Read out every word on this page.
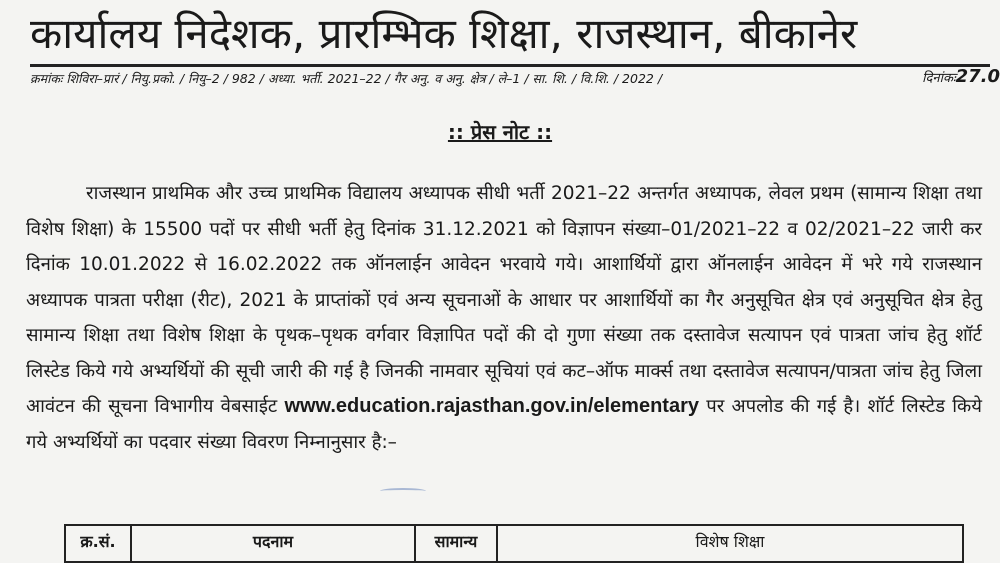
कार्यालय निदेशक, प्रारम्भिक शिक्षा, राजस्थान, बीकानेर
क्रमांकः शिविरा–प्रारं / नियु.प्रको. / नियु–2 / 982 / अध्या. भर्ती. 2021–22 / गैर अनु. व अनु. क्षेत्र / ले–1 / सा. शि. / वि.शि. / 2022 /	दिनांकः27.0
:: प्रेस नोट ::

राजस्थान प्राथमिक और उच्च प्राथमिक विद्यालय अध्यापक सीधी भर्ती 2021–22 अन्तर्गत अध्यापक, लेवल प्रथम (सामान्य शिक्षा तथा विशेष शिक्षा) के 15500 पदों पर सीधी भर्ती हेतु दिनांक 31.12.2021 को विज्ञापन संख्या–01/2021–22 व 02/2021–22 जारी कर दिनांक 10.01.2022 से 16.02.2022 तक ऑनलाईन आवेदन भरवाये गये। आशार्थियों द्वारा ऑनलाईन आवेदन में भरे गये राजस्थान अध्यापक पात्रता परीक्षा (रीट), 2021 के प्राप्तांकों एवं अन्य सूचनाओं के आधार पर आशार्थियों का गैर अनुसूचित क्षेत्र एवं अनुसूचित क्षेत्र हेतु सामान्य शिक्षा तथा विशेष शिक्षा के पृथक–पृथक वर्गवार विज्ञापित पदों की दो गुणा संख्या तक दस्तावेज सत्यापन एवं पात्रता जांच हेतु शॉर्ट लिस्टेड किये गये अभ्यर्थियों की सूची जारी की गई है जिनकी नामवार सूचियां एवं कट–ऑफ मार्क्स तथा दस्तावेज सत्यापन/पात्रता जांच हेतु जिला आवंटन की सूचना विभागीय वेबसाईट www.education.rajasthan.gov.in/elementary पर अपलोड की गई है। शॉर्ट लिस्टेड किये गये अभ्यर्थियों का पदवार संख्या विवरण निम्नानुसार है:–

क्र.सं.	पदनाम	सामान्य	विशेष शिक्षा
